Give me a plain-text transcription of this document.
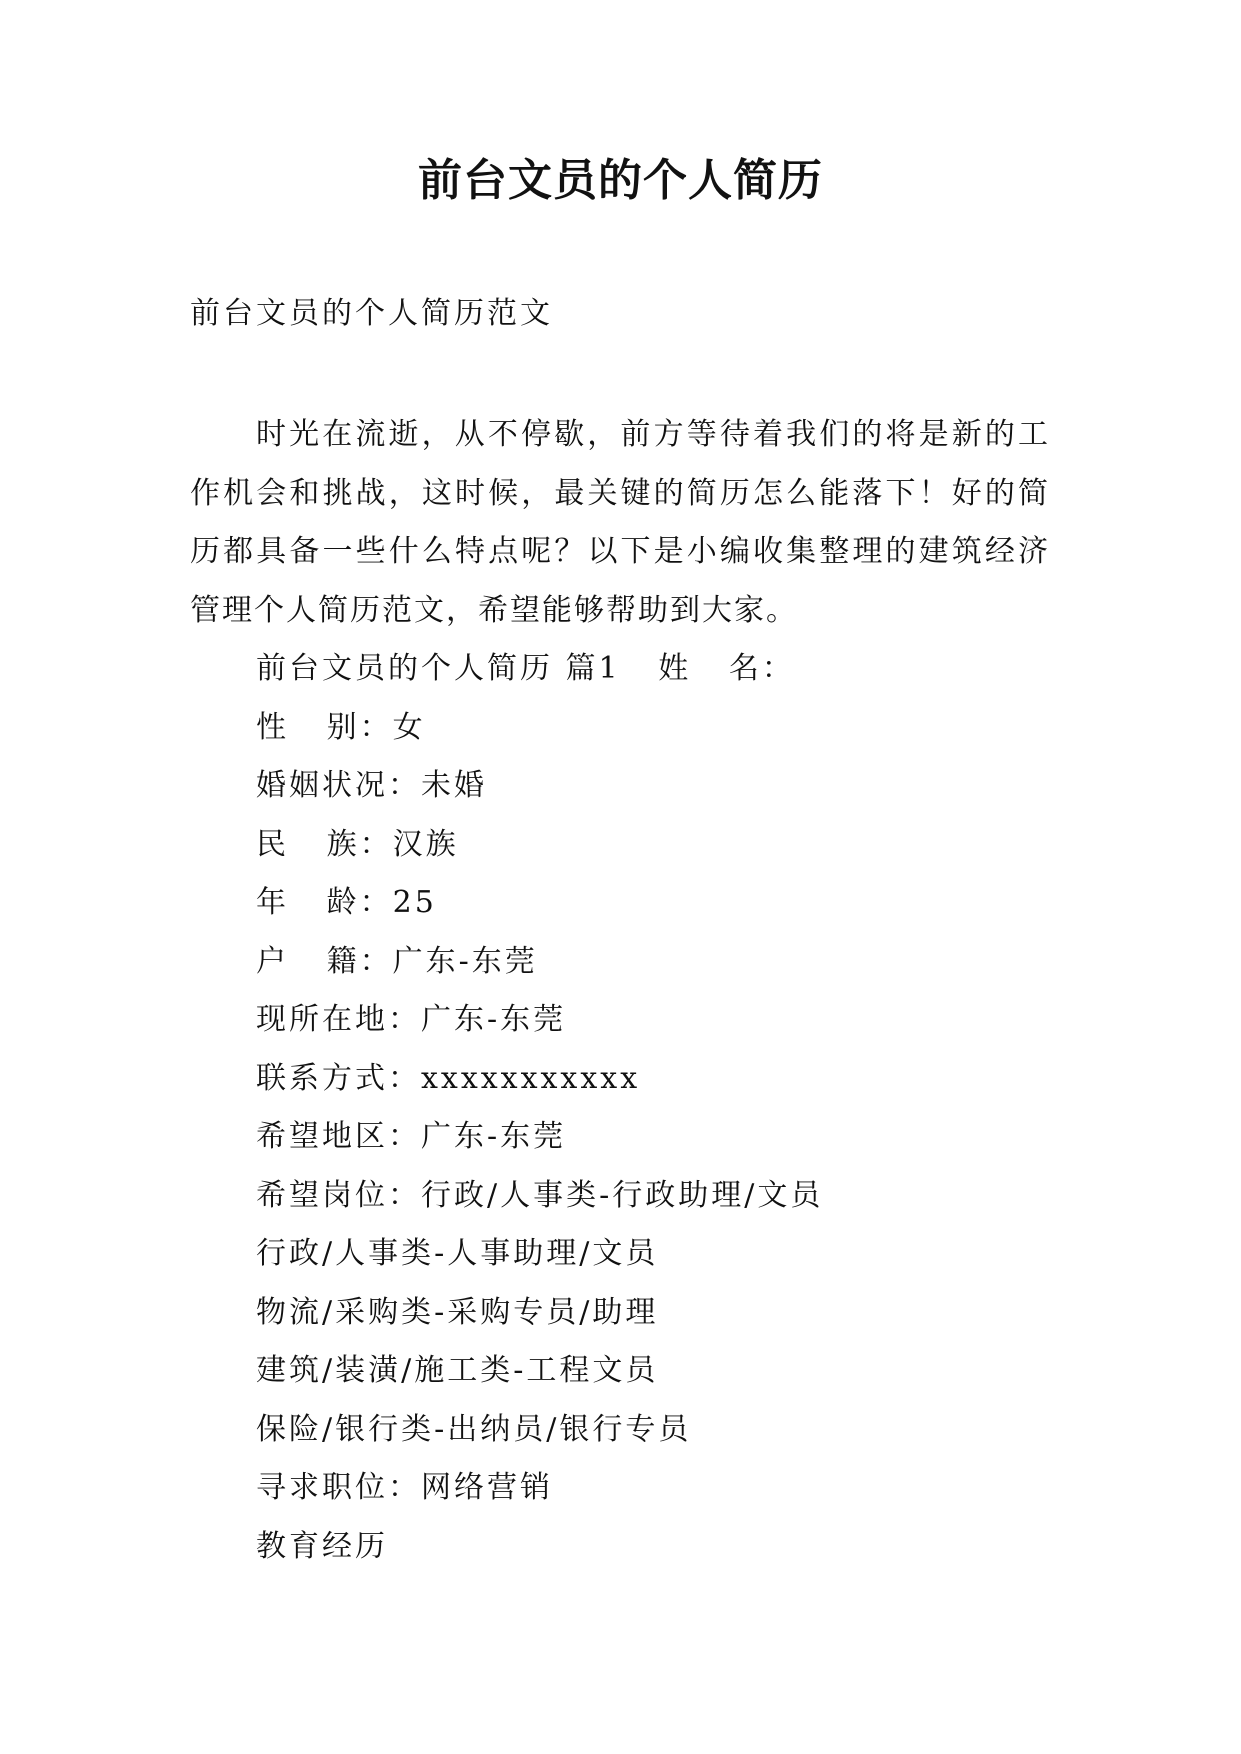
前台文员的个人简历
前台文员的个人简历范文
时光在流逝，从不停歇，前方等待着我们的将是新的工作机会和挑战，这时候，最关键的简历怎么能落下！好的简历都具备一些什么特点呢？以下是小编收集整理的建筑经济管理个人简历范文，希望能够帮助到大家。
前台文员的个人简历 篇1   姓   名：
性   别：女
婚姻状况：未婚
民   族：汉族
年   龄：25
户   籍：广东-东莞
现所在地：广东-东莞
联系方式：xxxxxxxxxxx
希望地区：广东-东莞
希望岗位：行政/人事类-行政助理/文员
行政/人事类-人事助理/文员
物流/采购类-采购专员/助理
建筑/装潢/施工类-工程文员
保险/银行类-出纳员/银行专员
寻求职位：网络营销
教育经历
